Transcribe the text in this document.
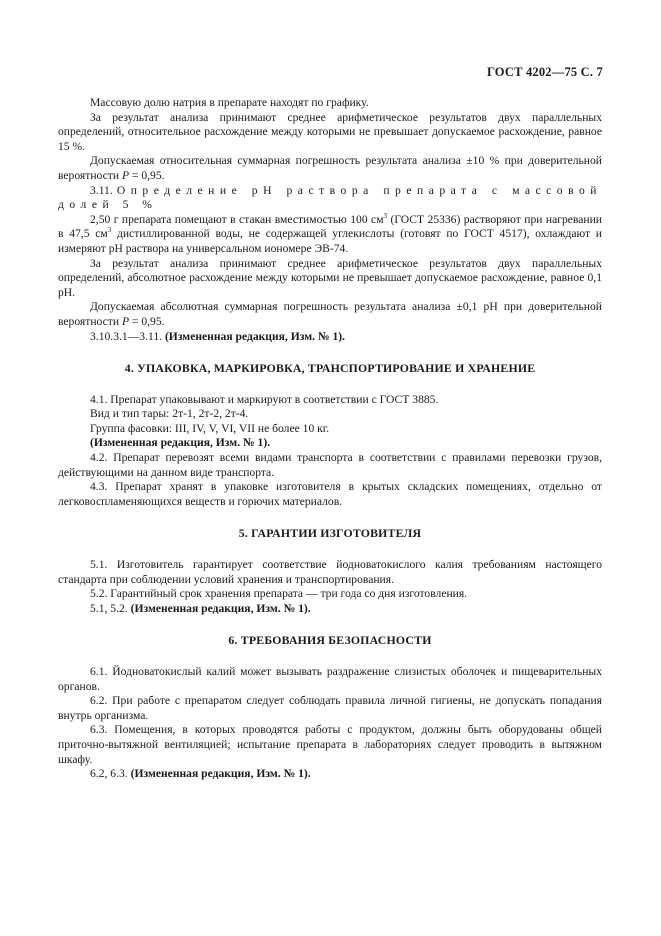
ГОСТ 4202—75 С. 7

Массовую долю натрия в препарате находят по графику.

За результат анализа принимают среднее арифметическое результатов двух параллельных определений, относительное расхождение между которыми не превышает допускаемое расхождение, равное 15 %.

Допускаемая относительная суммарная погрешность результата анализа ±10 % при доверительной вероятности P = 0,95.

3.11. Определение pH раствора препарата с массовой долей 5 %

2,50 г препарата помещают в стакан вместимостью 100 $см^3$ (ГОСТ 25336) растворяют при нагревании в 47,5 $см^3$ дистиллированной воды, не содержащей углекислоты (готовят по ГОСТ 4517), охлаждают и измеряют pH раствора на универсальном иономере ЭВ-74.

За результат анализа принимают среднее арифметическое результатов двух параллельных определений, абсолютное расхождение между которыми не превышает допускаемое расхождение, равное 0,1 pH.

Допускаемая абсолютная суммарная погрешность результата анализа ±0,1 pH при доверительной вероятности P = 0,95.

3.10.3.1—3.11. (Измененная редакция, Изм. № 1).

4. УПАКОВКА, МАРКИРОВКА, ТРАНСПОРТИРОВАНИЕ И ХРАНЕНИЕ

4.1. Препарат упаковывают и маркируют в соответствии с ГОСТ 3885.

Вид и тип тары: 2т-1, 2т-2, 2т-4.

Группа фасовки: III, IV, V, VI, VII не более 10 кг.

(Измененная редакция, Изм. № 1).

4.2. Препарат перевозят всеми видами транспорта в соответствии с правилами перевозки грузов, действующими на данном виде транспорта.

4.3. Препарат хранят в упаковке изготовителя в крытых складских помещениях, отдельно от легковоспламеняющихся веществ и горючих материалов.

5. ГАРАНТИИ ИЗГОТОВИТЕЛЯ

5.1. Изготовитель гарантирует соответствие йодноватокислого калия требованиям настоящего стандарта при соблюдении условий хранения и транспортирования.

5.2. Гарантийный срок хранения препарата — три года со дня изготовления.

5.1, 5.2. (Измененная редакция, Изм. № 1).

6. ТРЕБОВАНИЯ БЕЗОПАСНОСТИ

6.1. Йодноватокислый калий может вызывать раздражение слизистых оболочек и пищеварительных органов.

6.2. При работе с препаратом следует соблюдать правила личной гигиены, не допускать попадания внутрь организма.

6.3. Помещения, в которых проводятся работы с продуктом, должны быть оборудованы общей приточно-вытяжной вентиляцией; испытание препарата в лабораториях следует проводить в вытяжном шкафу.

6.2, 6.3. (Измененная редакция, Изм. № 1).
